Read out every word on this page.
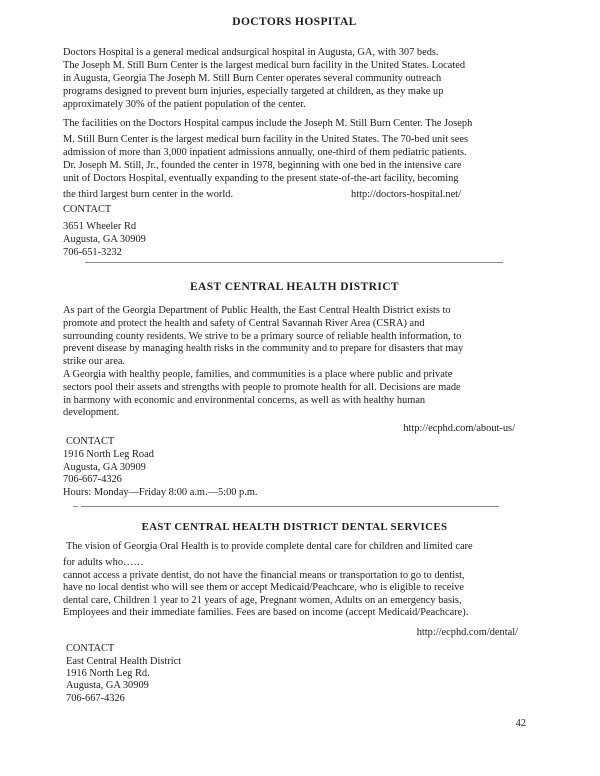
DOCTORS HOSPITAL
Doctors Hospital is a general medical andsurgical hospital in Augusta, GA, with 307 beds.
The Joseph M. Still Burn Center is the largest medical burn facility in the United States. Located
in Augusta, Georgia The Joseph M. Still Burn Center operates several community outreach
programs designed to prevent burn injuries, especially targeted at children, as they make up
approximately 30% of the patient population of the center.
The facilities on the Doctors Hospital campus include the Joseph M. Still Burn Center. The Joseph
M. Still Burn Center is the largest medical burn facility in the United States. The 70-bed unit sees
admission of more than 3,000 inpatient admissions annually, one-third of them pediatric patients.
Dr. Joseph M. Still, Jr., founded the center in 1978, beginning with one bed in the intensive care
unit of Doctors Hospital, eventually expanding to the present state-of-the-art facility, becoming
the third largest burn center in the world.	http://doctors-hospital.net/
CONTACT
3651 Wheeler Rd
Augusta, GA 30909
706-651-3232
EAST CENTRAL HEALTH DISTRICT
As part of the Georgia Department of Public Health, the East Central Health District exists to
promote and protect the health and safety of Central Savannah River Area (CSRA) and
surrounding county residents. We strive to be a primary source of reliable health information, to
prevent disease by managing health risks in the community and to prepare for disasters that may
strike our area.
A Georgia with healthy people, families, and communities is a place where public and private
sectors pool their assets and strengths with people to promote health for all. Decisions are made
in harmony with economic and environmental concerns, as well as with healthy human
development.
http://ecphd.com/about-us/
CONTACT
1916 North Leg Road
Augusta, GA 30909
706-667-4326
Hours: Monday—Friday 8:00 a.m.—5:00 p.m.
–
EAST CENTRAL HEALTH DISTRICT DENTAL SERVICES
The vision of Georgia Oral Health is to provide complete dental care for children and limited care
for adults who……
cannot access a private dentist, do not have the financial means or transportation to go to dentist,
have no local dentist who will see them or accept Medicaid/Peachcare, who is eligible to receive
dental care, Children 1 year to 21 years of age, Pregnant women, Adults on an emergency basis,
Employees and their immediate families. Fees are based on income (accept Medicaid/Peachcare).
http://ecphd.com/dental/
CONTACT
East Central Health District
1916 North Leg Rd.
Augusta, GA 30909
706-667-4326
42
